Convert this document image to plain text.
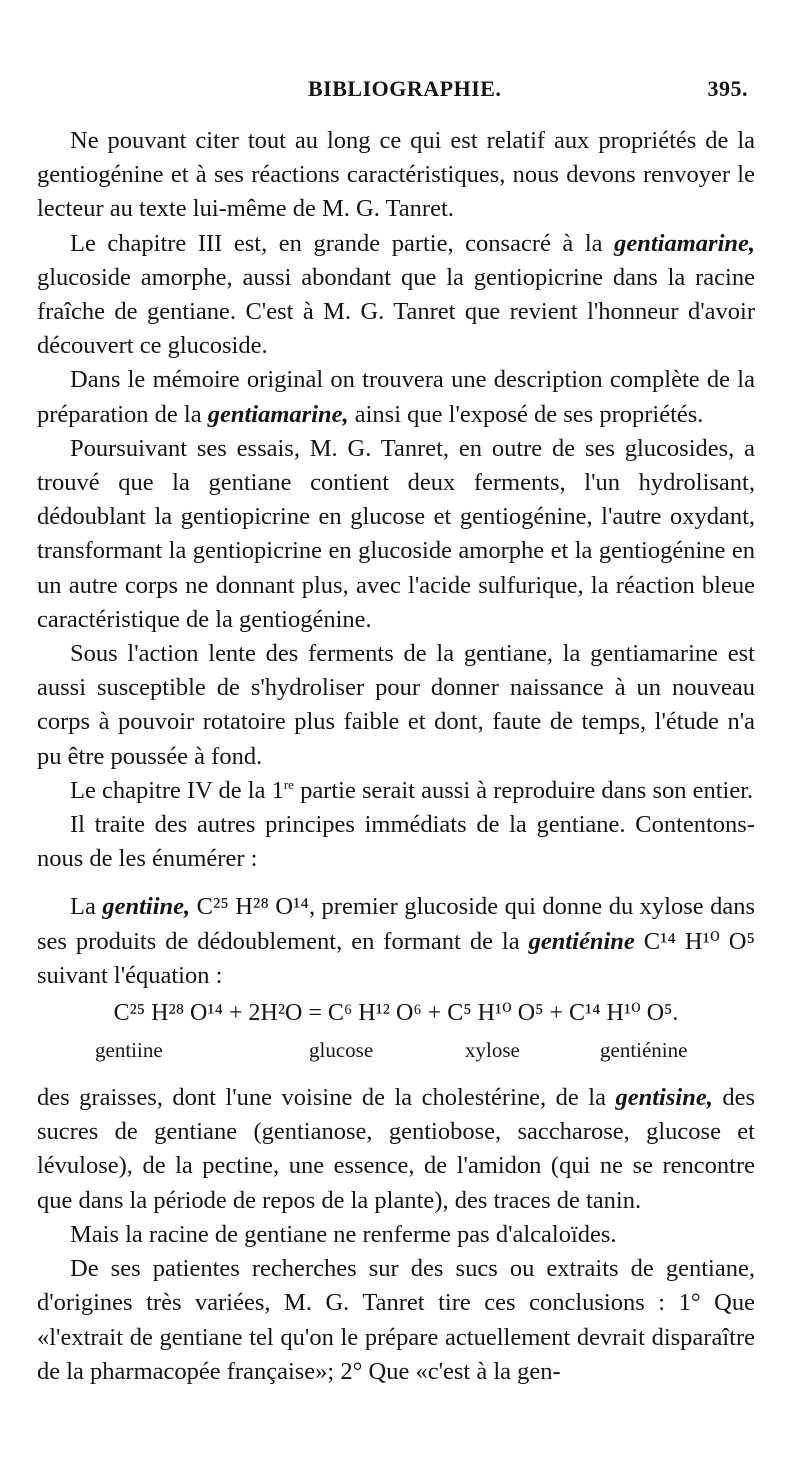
BIBLIOGRAPHIE.	395.

Ne pouvant citer tout au long ce qui est relatif aux propriétés de la gentiogénine et à ses réactions caractéristiques, nous devons renvoyer le lecteur au texte lui-même de M. G. Tanret.

Le chapitre III est, en grande partie, consacré à la gentiamarine, glucoside amorphe, aussi abondant que la gentiopicrine dans la racine fraîche de gentiane. C'est à M. G. Tanret que revient l'honneur d'avoir découvert ce glucoside.

Dans le mémoire original on trouvera une description complète de la préparation de la gentiamarine, ainsi que l'exposé de ses propriétés.

Poursuivant ses essais, M. G. Tanret, en outre de ses glucosides, a trouvé que la gentiane contient deux ferments, l'un hydrolisant, dédoublant la gentiopicrine en glucose et gentiogénine, l'autre oxydant, transformant la gentiopicrine en glucoside amorphe et la gentiogénine en un autre corps ne donnant plus, avec l'acide sulfurique, la réaction bleue caractéristique de la gentiogénine.

Sous l'action lente des ferments de la gentiane, la gentiamarine est aussi susceptible de s'hydroliser pour donner naissance à un nouveau corps à pouvoir rotatoire plus faible et dont, faute de temps, l'étude n'a pu être poussée à fond.

Le chapitre IV de la 1re partie serait aussi à reproduire dans son entier.

Il traite des autres principes immédiats de la gentiane. Contentons-nous de les énumérer :

La gentiine, C²⁵ H²⁸ O¹⁴, premier glucoside qui donne du xylose dans ses produits de dédoublement, en formant de la gentiénine C¹⁴ H¹⁰ O⁵ suivant l'équation :

C²⁵ H²⁸ O¹⁴ + 2H²O = C⁶ H¹² O⁶ + C⁵ H¹⁰ O⁵ + C¹⁴ H¹⁰ O⁵.
gentiine	glucose	xylose	gentiénine

des graisses, dont l'une voisine de la cholestérine, de la gentisine, des sucres de gentiane (gentianose, gentiobose, saccharose, glucose et lévulose), de la pectine, une essence, de l'amidon (qui ne se rencontre que dans la période de repos de la plante), des traces de tanin.

Mais la racine de gentiane ne renferme pas d'alcaloïdes.

De ses patientes recherches sur des sucs ou extraits de gentiane, d'origines très variées, M. G. Tanret tire ces conclusions : 1° Que «l'extrait de gentiane tel qu'on le prépare actuellement devrait disparaître de la pharmacopée française»; 2° Que «c'est à la gen-
